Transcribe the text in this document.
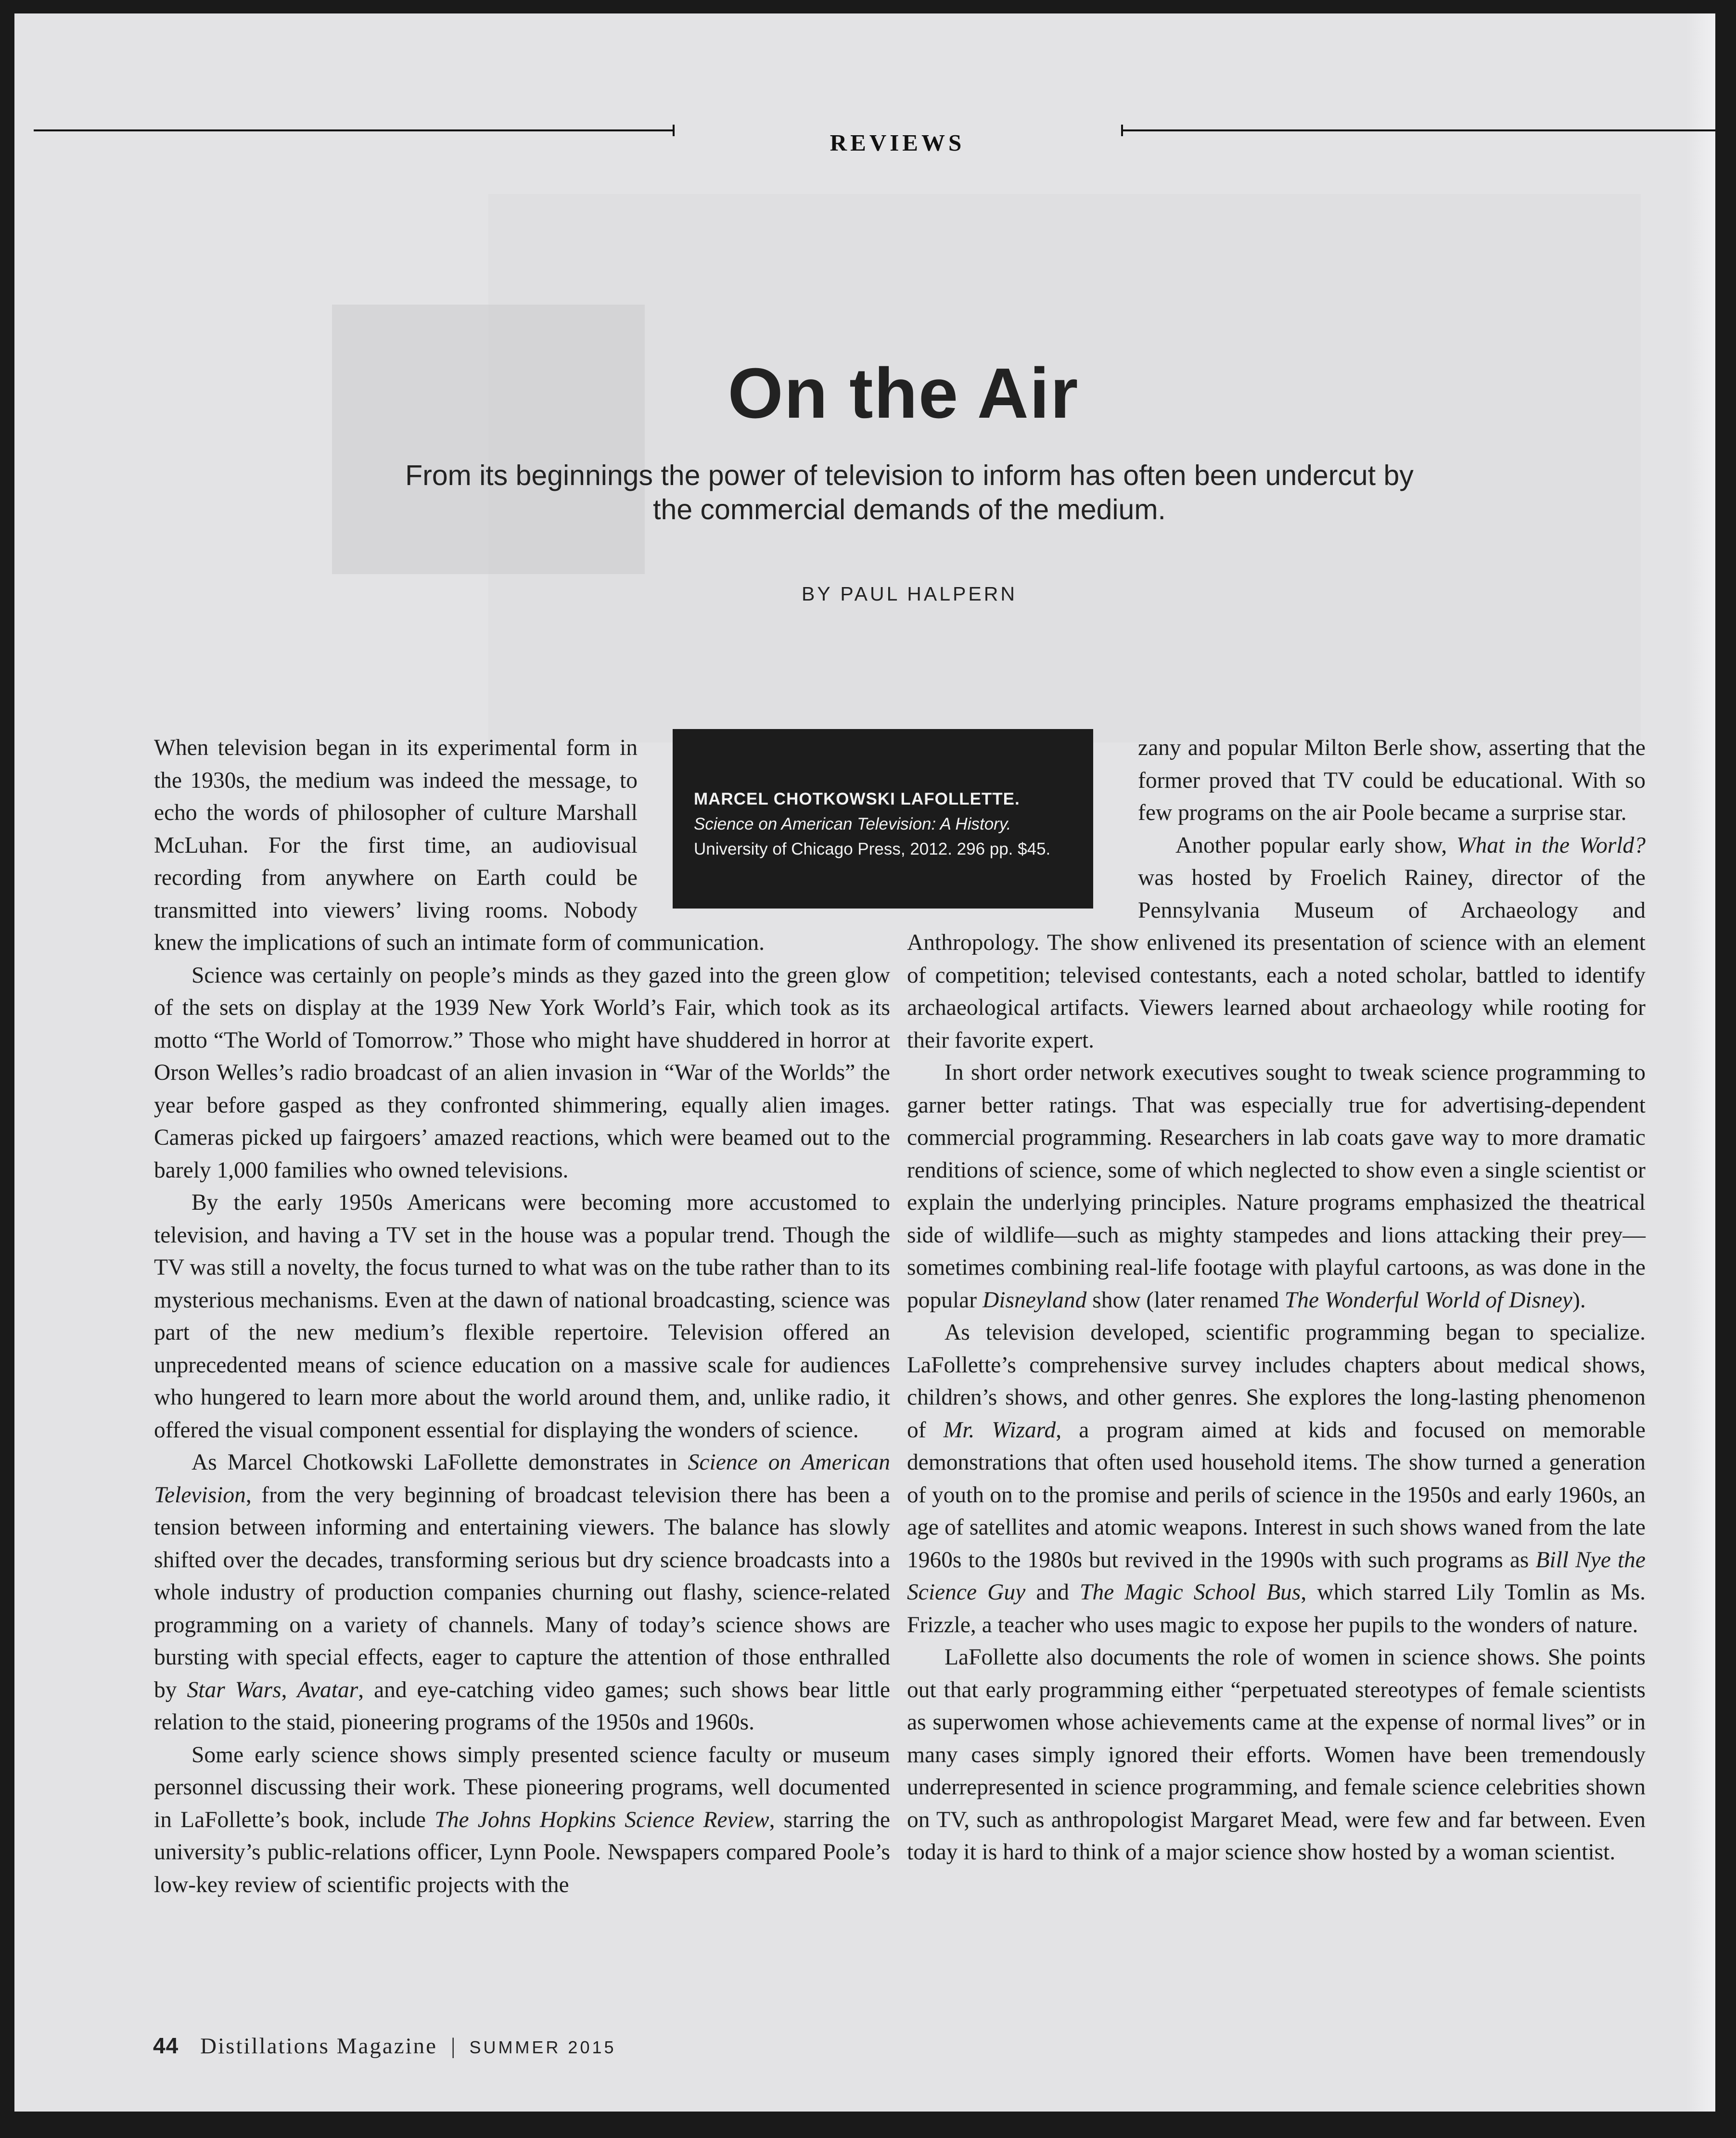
REVIEWS
On the Air
From its beginnings the power of television to inform has often been undercut by the commercial demands of the medium.
BY PAUL HALPERN
MARCEL CHOTKOWSKI LAFOLLETTE. Science on American Television: A History. University of Chicago Press, 2012. 296 pp. $45.

When television began in its experimental form in the 1930s, the medium was indeed the message, to echo the words of philosopher of culture Marshall McLuhan. For the first time, an audiovisual recording from anywhere on Earth could be transmitted into viewers’ living rooms. Nobody knew the implications of such an intimate form of communication.

Science was certainly on people’s minds as they gazed into the green glow of the sets on display at the 1939 New York World’s Fair, which took as its motto “The World of Tomorrow.” Those who might have shuddered in horror at Orson Welles’s radio broadcast of an alien invasion in “War of the Worlds” the year before gasped as they confronted shimmering, equally alien images. Cameras picked up fairgoers’ amazed reactions, which were beamed out to the barely 1,000 families who owned televisions.

By the early 1950s Americans were becoming more accustomed to television, and having a TV set in the house was a popular trend. Though the TV was still a novelty, the focus turned to what was on the tube rather than to its mysterious mechanisms. Even at the dawn of national broadcasting, science was part of the new medium’s flexible repertoire. Television offered an unprecedented means of science education on a massive scale for audiences who hungered to learn more about the world around them, and, unlike radio, it offered the visual component essential for displaying the wonders of science.

As Marcel Chotkowski LaFollette demonstrates in Science on American Television, from the very beginning of broadcast television there has been a tension between informing and entertaining viewers. The balance has slowly shifted over the decades, transforming serious but dry science broadcasts into a whole industry of production companies churning out flashy, science-related programming on a variety of channels. Many of today’s science shows are bursting with special effects, eager to capture the attention of those enthralled by Star Wars, Avatar, and eye-catching video games; such shows bear little relation to the staid, pioneering programs of the 1950s and 1960s.

Some early science shows simply presented science faculty or museum personnel discussing their work. These pioneering programs, well documented in LaFollette’s book, include The Johns Hopkins Science Review, starring the university’s public-relations officer, Lynn Poole. Newspapers compared Poole’s low-key review of scientific projects with the

zany and popular Milton Berle show, asserting that the former proved that TV could be educational. With so few programs on the air Poole became a surprise star.

Another popular early show, What in the World? was hosted by Froelich Rainey, director of the Pennsylvania Museum of Archaeology and Anthropology. The show enlivened its presentation of science with an element of competition; televised contestants, each a noted scholar, battled to identify archaeological artifacts. Viewers learned about archaeology while rooting for their favorite expert.

In short order network executives sought to tweak science programming to garner better ratings. That was especially true for advertising-dependent commercial programming. Researchers in lab coats gave way to more dramatic renditions of science, some of which neglected to show even a single scientist or explain the underlying principles. Nature programs emphasized the theatrical side of wildlife—such as mighty stampedes and lions attacking their prey—sometimes combining real-life footage with playful cartoons, as was done in the popular Disneyland show (later renamed The Wonderful World of Disney).

As television developed, scientific programming began to specialize. LaFollette’s comprehensive survey includes chapters about medical shows, children’s shows, and other genres. She explores the long-lasting phenomenon of Mr. Wizard, a program aimed at kids and focused on memorable demonstrations that often used household items. The show turned a generation of youth on to the promise and perils of science in the 1950s and early 1960s, an age of satellites and atomic weapons. Interest in such shows waned from the late 1960s to the 1980s but revived in the 1990s with such programs as Bill Nye the Science Guy and The Magic School Bus, which starred Lily Tomlin as Ms. Frizzle, a teacher who uses magic to expose her pupils to the wonders of nature.

LaFollette also documents the role of women in science shows. She points out that early programming either “perpetuated stereotypes of female scientists as superwomen whose achievements came at the expense of normal lives” or in many cases simply ignored their efforts. Women have been tremendously underrepresented in science programming, and female science celebrities shown on TV, such as anthropologist Margaret Mead, were few and far between. Even today it is hard to think of a major science show hosted by a woman scientist.

44 Distillations Magazine | SUMMER 2015
